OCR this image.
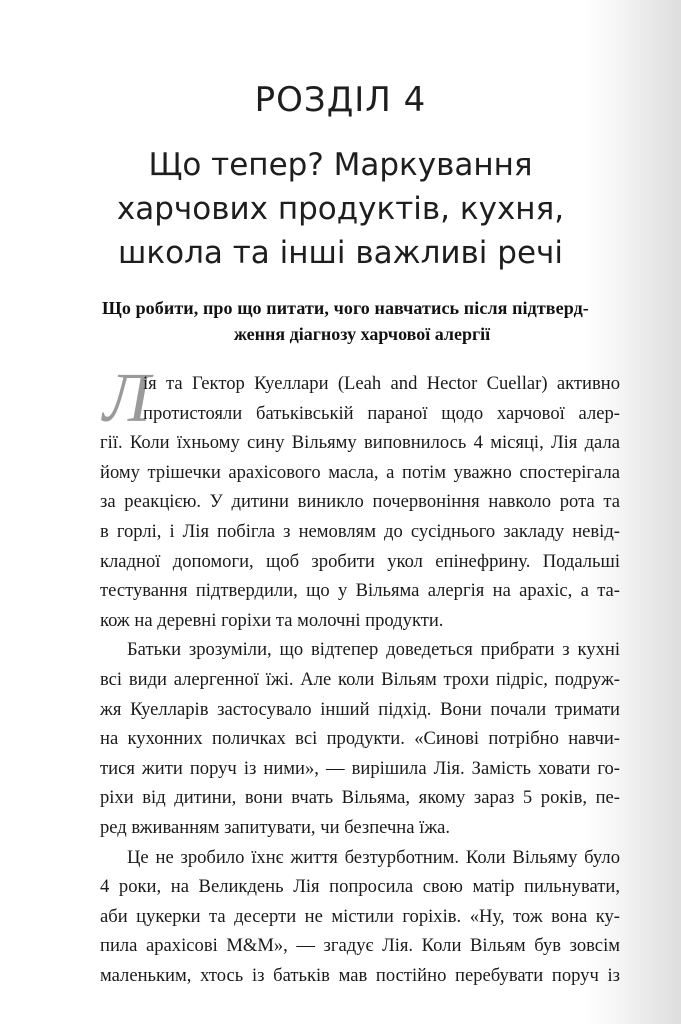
РОЗДІЛ 4
Що тепер? Маркування
харчових продуктів, кухня,
школа та інші важливі речі
Що робити, про що питати, чого навчатись після підтверд-
ження діагнозу харчової алергії
Л
ія та Гектор Куеллари (Leah and Hector Cuellar) активно
протистояли батьківській параної щодо харчової алер-
гії. Коли їхньому сину Вільяму виповнилось 4 місяці, Лія дала
йому трішечки арахісового масла, а потім уважно спостерігала
за реакцією. У дитини виникло почервоніння навколо рота та
в горлі, і Лія побігла з немовлям до сусіднього закладу невід-
кладної допомоги, щоб зробити укол епінефрину. Подальші
тестування підтвердили, що у Вільяма алергія на арахіс, а та-
кож на деревні горіхи та молочні продукти.
Батьки зрозуміли, що відтепер доведеться прибрати з кухні
всі види алергенної їжі. Але коли Вільям трохи підріс, подруж-
жя Куелларів застосувало інший підхід. Вони почали тримати
на кухонних поличках всі продукти. «Синові потрібно навчи-
тися жити поруч із ними», — вирішила Лія. Замість ховати го-
ріхи від дитини, вони вчать Вільяма, якому зараз 5 років, пе-
ред вживанням запитувати, чи безпечна їжа.
Це не зробило їхнє життя безтурботним. Коли Вільяму було
4 роки, на Великдень Лія попросила свою матір пильнувати,
аби цукерки та десерти не містили горіхів. «Ну, тож вона ку-
пила арахісові M&M», — згадує Лія. Коли Вільям був зовсім
маленьким, хтось із батьків мав постійно перебувати поруч із
